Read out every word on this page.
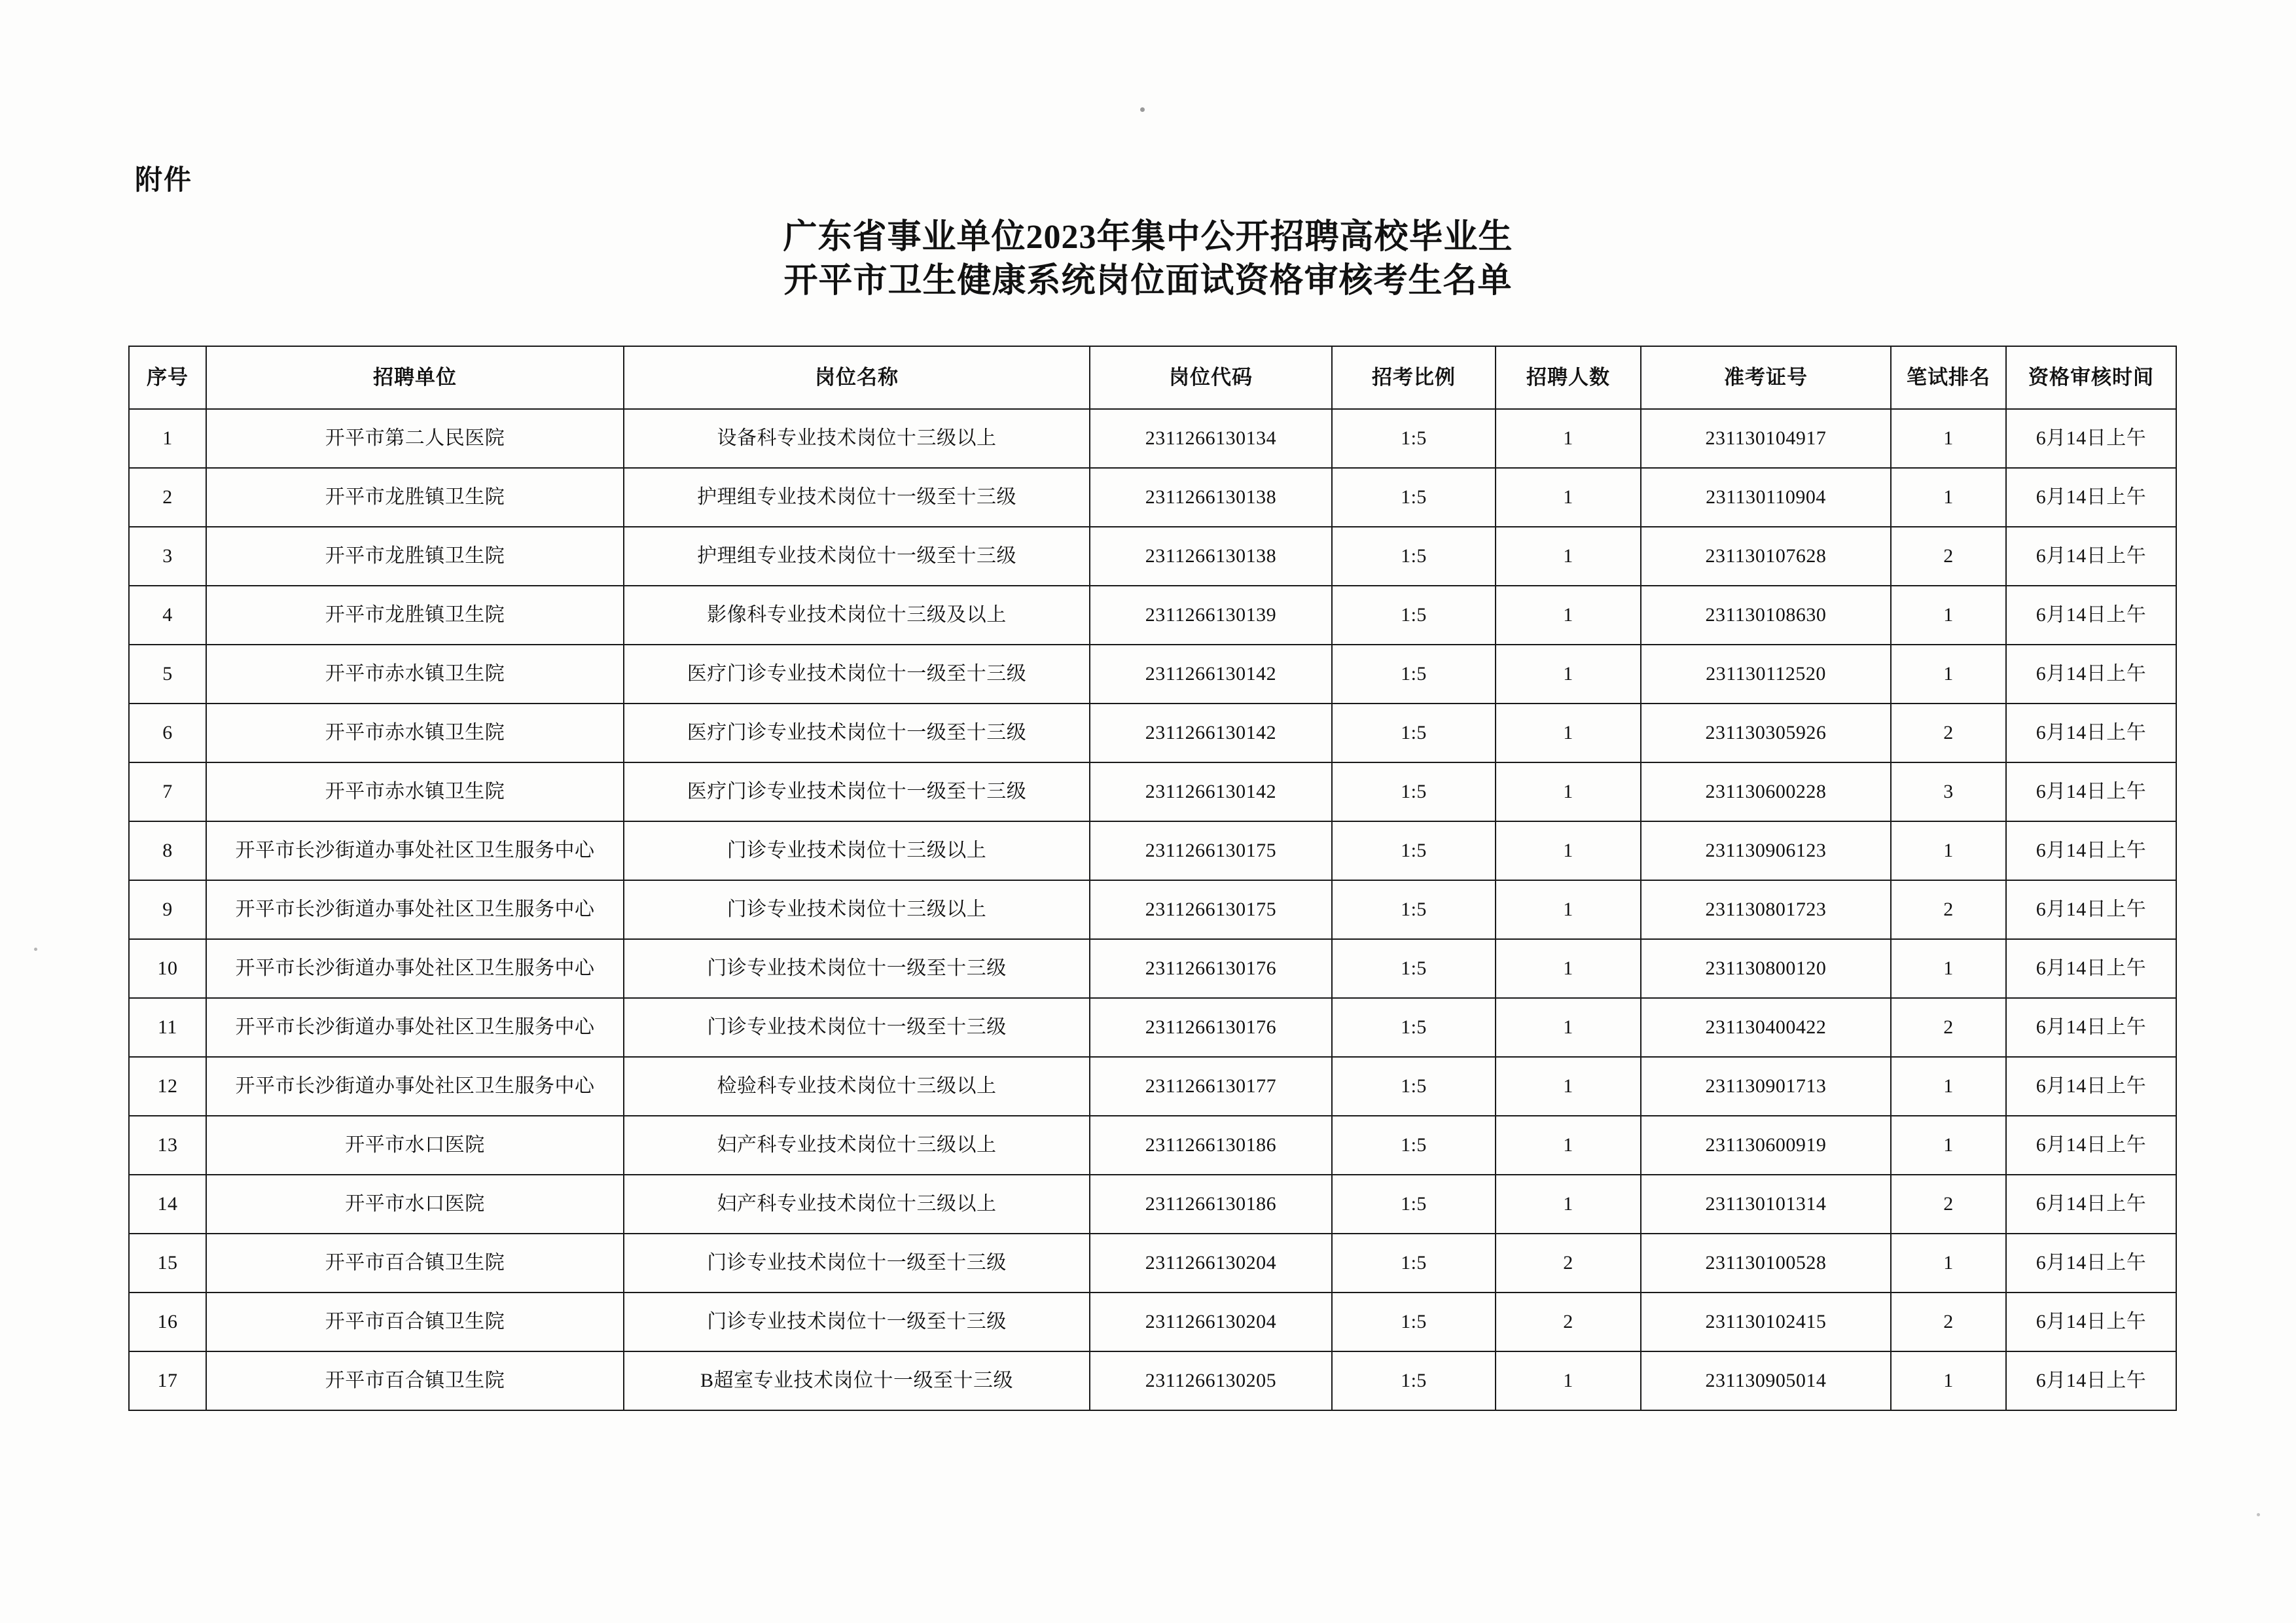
附件
广东省事业单位2023年集中公开招聘高校毕业生
开平市卫生健康系统岗位面试资格审核考生名单
序号	招聘单位	岗位名称	岗位代码	招考比例	招聘人数	准考证号	笔试排名	资格审核时间
1	开平市第二人民医院	设备科专业技术岗位十三级以上	2311266130134	1:5	1	231130104917	1	6月14日上午
2	开平市龙胜镇卫生院	护理组专业技术岗位十一级至十三级	2311266130138	1:5	1	231130110904	1	6月14日上午
3	开平市龙胜镇卫生院	护理组专业技术岗位十一级至十三级	2311266130138	1:5	1	231130107628	2	6月14日上午
4	开平市龙胜镇卫生院	影像科专业技术岗位十三级及以上	2311266130139	1:5	1	231130108630	1	6月14日上午
5	开平市赤水镇卫生院	医疗门诊专业技术岗位十一级至十三级	2311266130142	1:5	1	231130112520	1	6月14日上午
6	开平市赤水镇卫生院	医疗门诊专业技术岗位十一级至十三级	2311266130142	1:5	1	231130305926	2	6月14日上午
7	开平市赤水镇卫生院	医疗门诊专业技术岗位十一级至十三级	2311266130142	1:5	1	231130600228	3	6月14日上午
8	开平市长沙街道办事处社区卫生服务中心	门诊专业技术岗位十三级以上	2311266130175	1:5	1	231130906123	1	6月14日上午
9	开平市长沙街道办事处社区卫生服务中心	门诊专业技术岗位十三级以上	2311266130175	1:5	1	231130801723	2	6月14日上午
10	开平市长沙街道办事处社区卫生服务中心	门诊专业技术岗位十一级至十三级	2311266130176	1:5	1	231130800120	1	6月14日上午
11	开平市长沙街道办事处社区卫生服务中心	门诊专业技术岗位十一级至十三级	2311266130176	1:5	1	231130400422	2	6月14日上午
12	开平市长沙街道办事处社区卫生服务中心	检验科专业技术岗位十三级以上	2311266130177	1:5	1	231130901713	1	6月14日上午
13	开平市水口医院	妇产科专业技术岗位十三级以上	2311266130186	1:5	1	231130600919	1	6月14日上午
14	开平市水口医院	妇产科专业技术岗位十三级以上	2311266130186	1:5	1	231130101314	2	6月14日上午
15	开平市百合镇卫生院	门诊专业技术岗位十一级至十三级	2311266130204	1:5	2	231130100528	1	6月14日上午
16	开平市百合镇卫生院	门诊专业技术岗位十一级至十三级	2311266130204	1:5	2	231130102415	2	6月14日上午
17	开平市百合镇卫生院	B超室专业技术岗位十一级至十三级	2311266130205	1:5	1	231130905014	1	6月14日上午
